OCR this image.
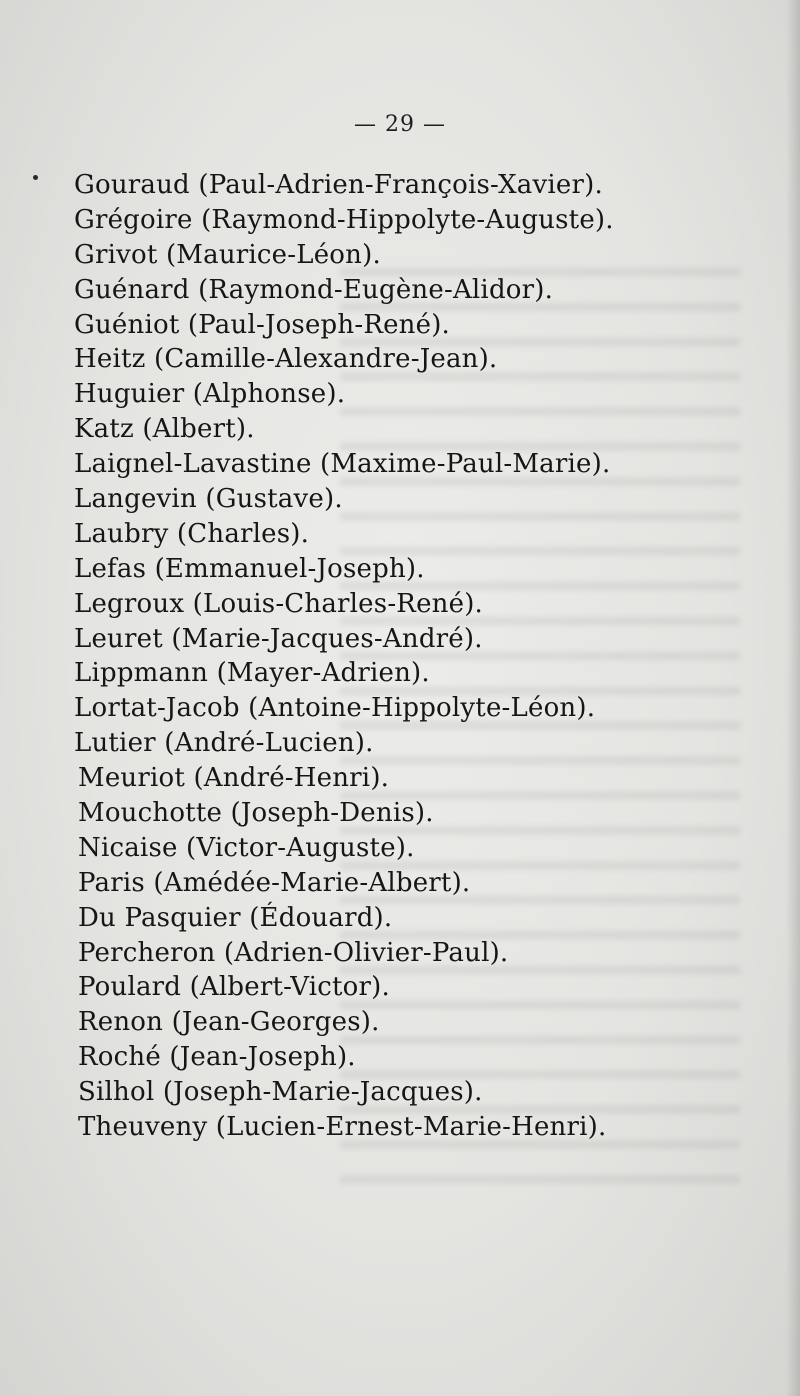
— 29 —
Gouraud (Paul-Adrien-François-Xavier).
Grégoire (Raymond-Hippolyte-Auguste).
Grivot (Maurice-Léon).
Guénard (Raymond-Eugène-Alidor).
Guéniot (Paul-Joseph-René).
Heitz (Camille-Alexandre-Jean).
Huguier (Alphonse).
Katz (Albert).
Laignel-Lavastine (Maxime-Paul-Marie).
Langevin (Gustave).
Laubry (Charles).
Lefas (Emmanuel-Joseph).
Legroux (Louis-Charles-René).
Leuret (Marie-Jacques-André).
Lippmann (Mayer-Adrien).
Lortat-Jacob (Antoine-Hippolyte-Léon).
Lutier (André-Lucien).
Meuriot (André-Henri).
Mouchotte (Joseph-Denis).
Nicaise (Victor-Auguste).
Paris (Amédée-Marie-Albert).
Du Pasquier (Édouard).
Percheron (Adrien-Olivier-Paul).
Poulard (Albert-Victor).
Renon (Jean-Georges).
Roché (Jean-Joseph).
Silhol (Joseph-Marie-Jacques).
Theuveny (Lucien-Ernest-Marie-Henri).
